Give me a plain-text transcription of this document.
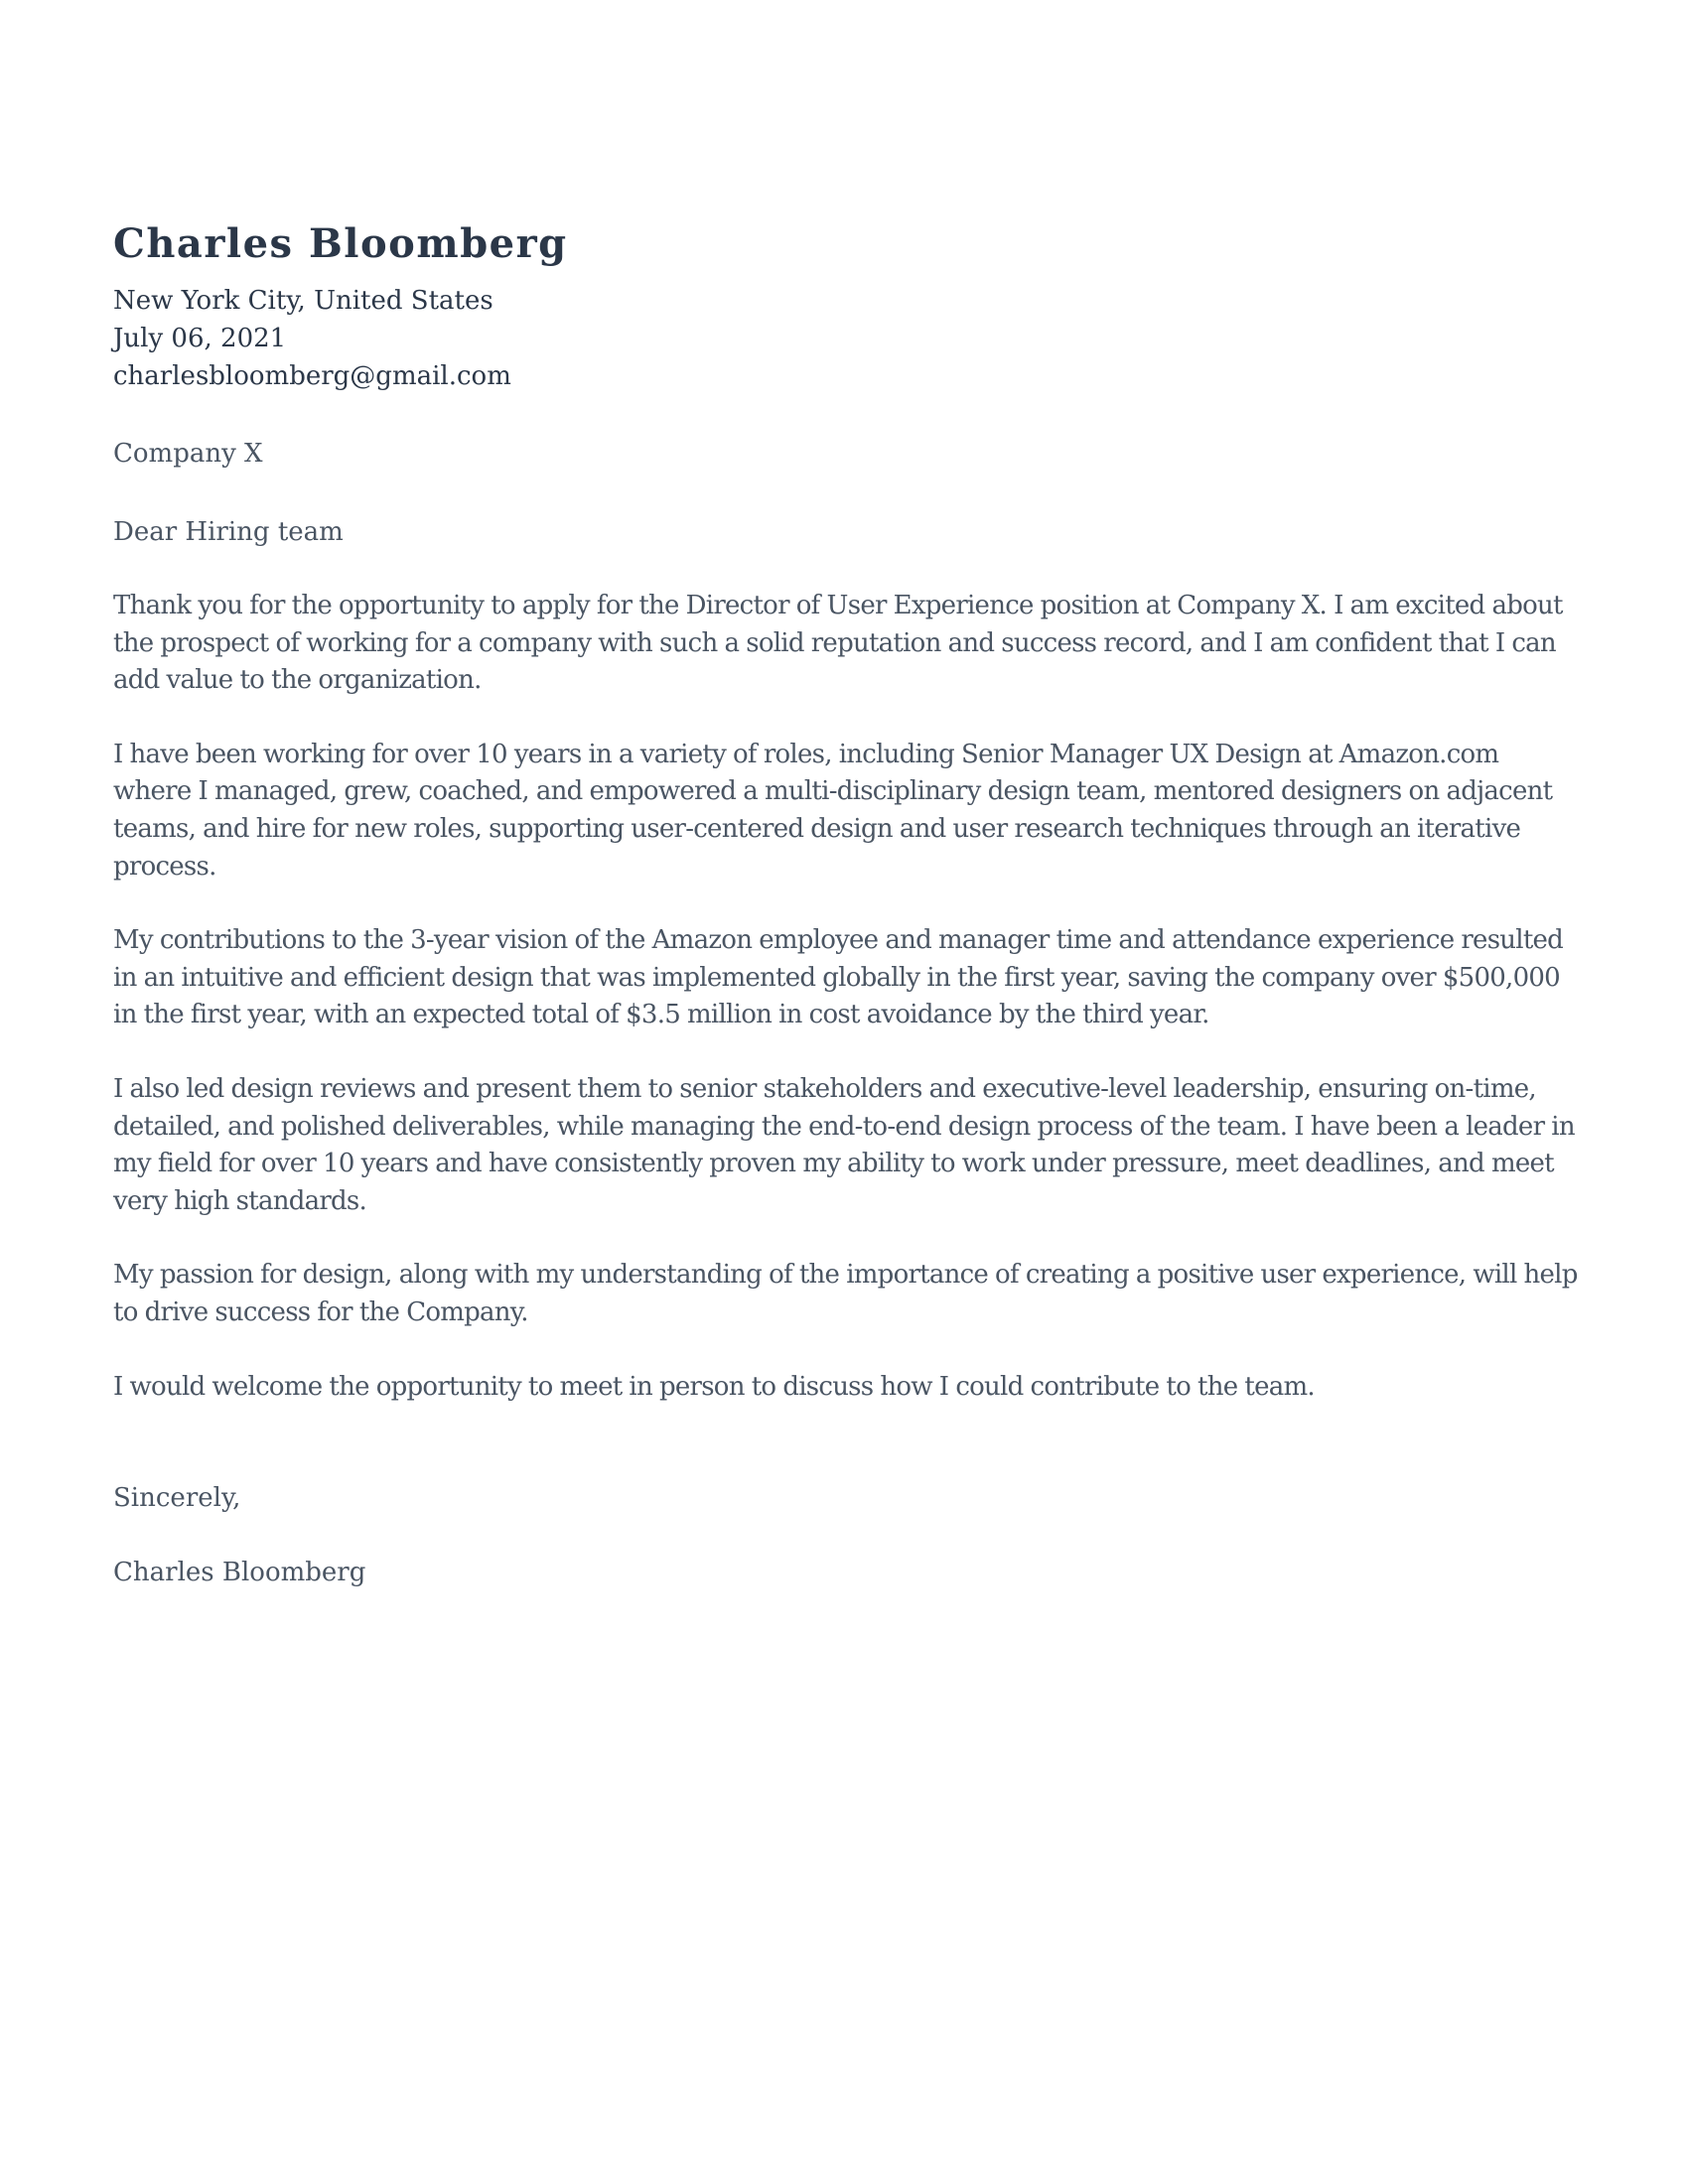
Charles Bloomberg
New York City, United States
July 06, 2021
charlesbloomberg@gmail.com
Company X
Dear Hiring team

Thank you for the opportunity to apply for the Director of User Experience position at Company X. I am excited about the prospect of working for a company with such a solid reputation and success record, and I am confident that I can add value to the organization.

I have been working for over 10 years in a variety of roles, including Senior Manager UX Design at Amazon.com where I managed, grew, coached, and empowered a multi-disciplinary design team, mentored designers on adjacent teams, and hire for new roles, supporting user-centered design and user research techniques through an iterative process.

My contributions to the 3-year vision of the Amazon employee and manager time and attendance experience resulted in an intuitive and efficient design that was implemented globally in the first year, saving the company over $500,000 in the first year, with an expected total of $3.5 million in cost avoidance by the third year.

I also led design reviews and present them to senior stakeholders and executive-level leadership, ensuring on-time, detailed, and polished deliverables, while managing the end-to-end design process of the team. I have been a leader in my field for over 10 years and have consistently proven my ability to work under pressure, meet deadlines, and meet very high standards.

My passion for design, along with my understanding of the importance of creating a positive user experience, will help to drive success for the Company.

I would welcome the opportunity to meet in person to discuss how I could contribute to the team.

Sincerely,
Charles Bloomberg
